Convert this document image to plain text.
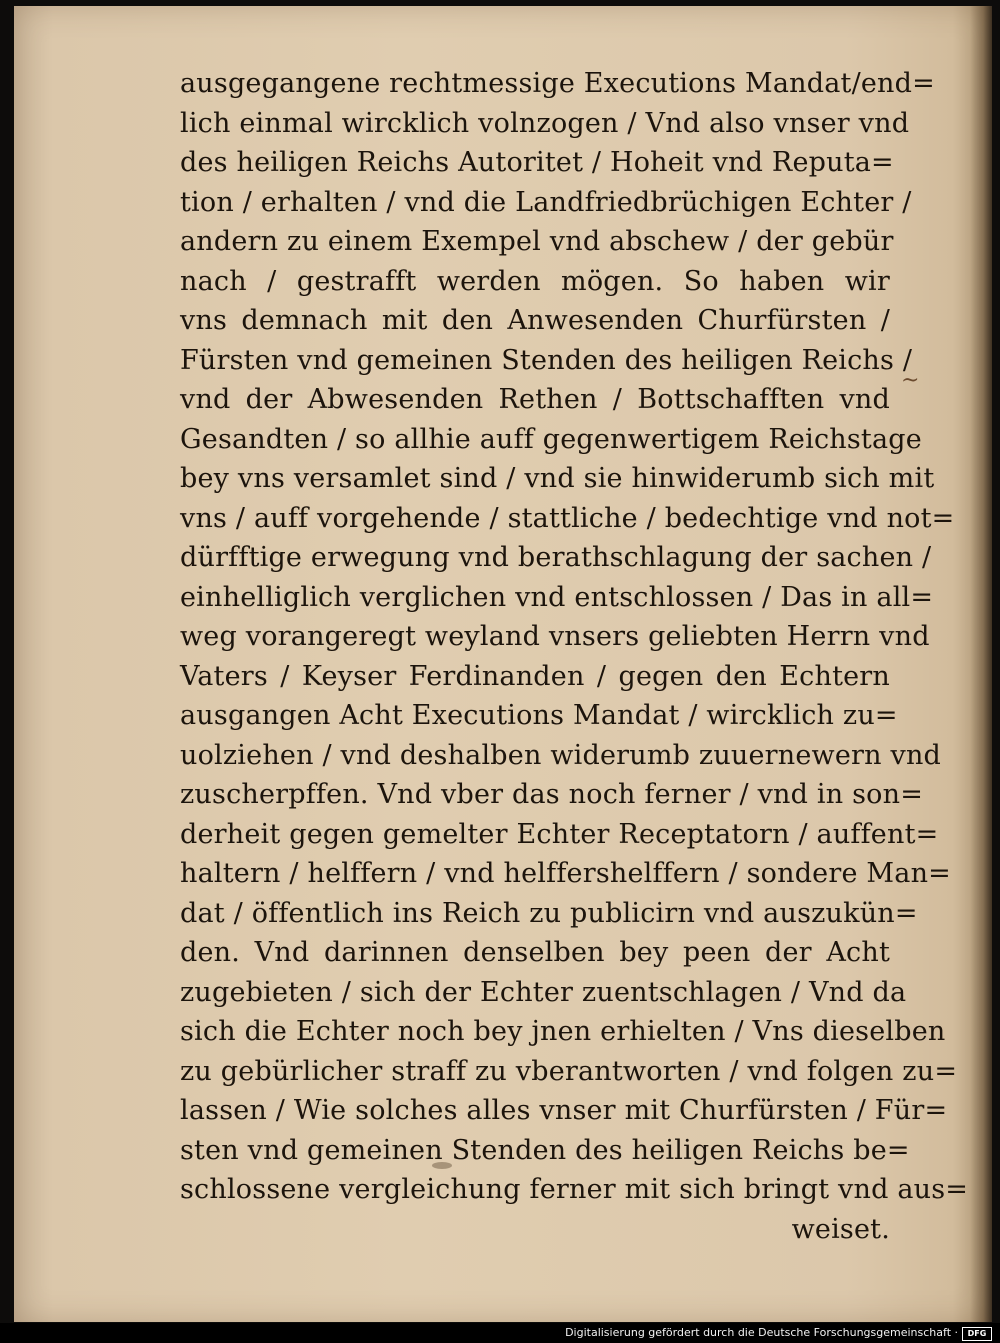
ausgegangene rechtmessige Executions Mandat/end=
lich einmal wircklich volnzogen / Vnd also vnser vnd
des heiligen Reichs Autoritet / Hoheit vnd Reputa=
tion / erhalten / vnd die Landfriedbrüchigen Echter /
andern zu einem Exempel vnd abschew / der gebür
nach / gestrafft werden mögen. So haben wir
vns demnach mit den Anwesenden Churfürsten /
Fürsten vnd gemeinen Stenden des heiligen Reichs /
vnd der Abwesenden Rethen / Bottschafften vnd
Gesandten / so allhie auff gegenwertigem Reichstage
bey vns versamlet sind / vnd sie hinwiderumb sich mit
vns / auff vorgehende / stattliche / bedechtige vnd not=
dürfftige erwegung vnd berathschlagung der sachen /
einhelliglich verglichen vnd entschlossen / Das in all=
weg vorangeregt weyland vnsers geliebten Herrn vnd
Vaters / Keyser Ferdinanden / gegen den Echtern
ausgangen Acht Executions Mandat / wircklich zu=
uolziehen / vnd deshalben widerumb zuuernewern vnd
zuscherpffen. Vnd vber das noch ferner / vnd in son=
derheit gegen gemelter Echter Receptatorn / auffent=
haltern / helffern / vnd helffershelffern / sondere Man=
dat / öffentlich ins Reich zu publicirn vnd auszukün=
den. Vnd darinnen denselben bey peen der Acht
zugebieten / sich der Echter zuentschlagen / Vnd da
sich die Echter noch bey jnen erhielten / Vns dieselben
zu gebürlicher straff zu vberantworten / vnd folgen zu=
lassen / Wie solches alles vnser mit Churfürsten / Für=
sten vnd gemeinen Stenden des heiligen Reichs be=
schlossene vergleichung ferner mit sich bringt vnd aus=
weiset.
~
Digitalisierung gefördert durch die Deutsche Forschungsgemeinschaft ·	DFG
